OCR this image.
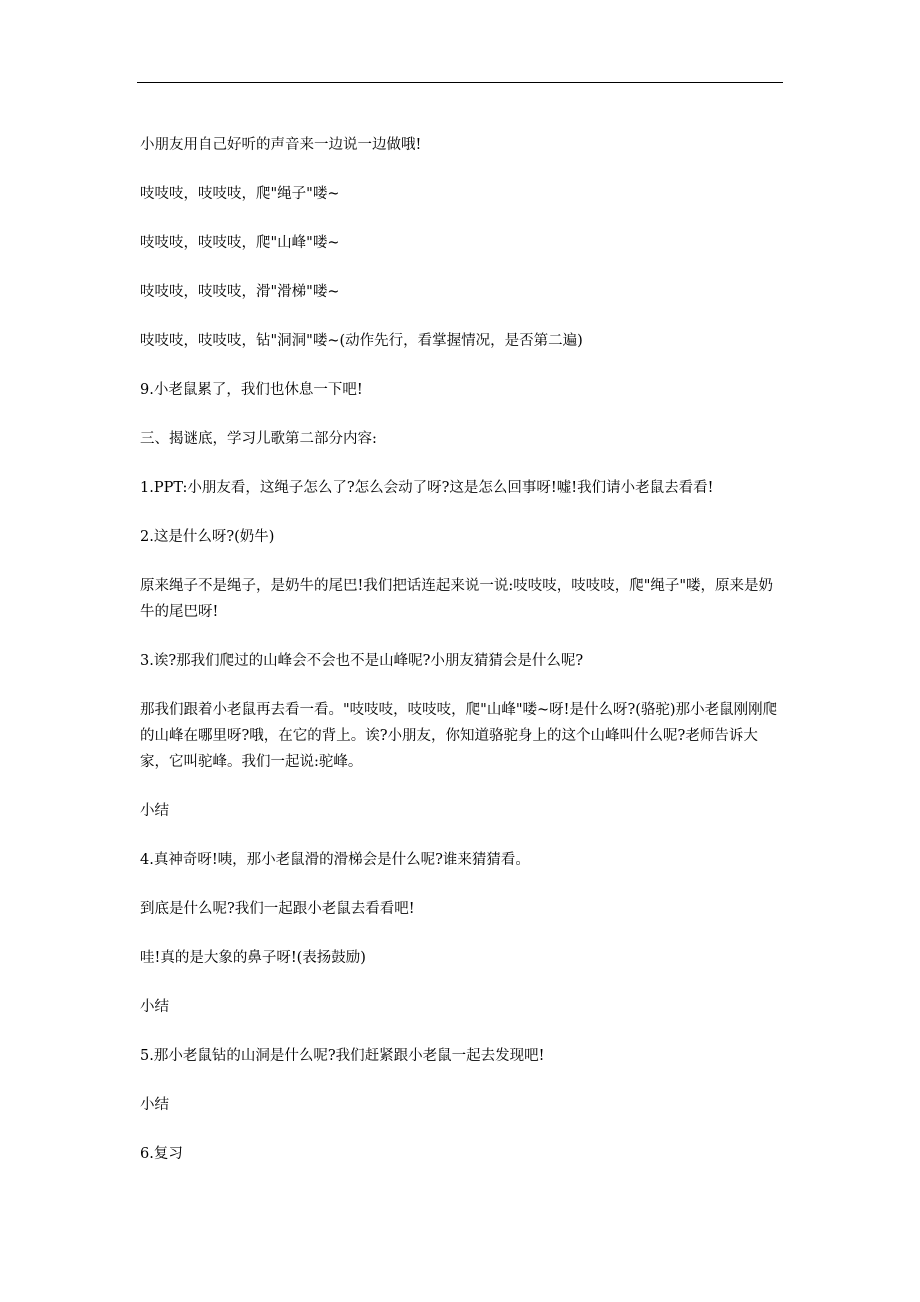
小朋友用自己好听的声音来一边说一边做哦!

吱吱吱，吱吱吱，爬"绳子"喽~

吱吱吱，吱吱吱，爬"山峰"喽~

吱吱吱，吱吱吱，滑"滑梯"喽~

吱吱吱，吱吱吱，钻"洞洞"喽~(动作先行，看掌握情况，是否第二遍)

9.小老鼠累了，我们也休息一下吧!

三、揭谜底，学习儿歌第二部分内容:

1.PPT:小朋友看，这绳子怎么了?怎么会动了呀?这是怎么回事呀!嘘!我们请小老鼠去看看!

2.这是什么呀?(奶牛)

原来绳子不是绳子，是奶牛的尾巴!我们把话连起来说一说:吱吱吱，吱吱吱，爬"绳子"喽，原来是奶牛的尾巴呀!

3.诶?那我们爬过的山峰会不会也不是山峰呢?小朋友猜猜会是什么呢?

那我们跟着小老鼠再去看一看。"吱吱吱，吱吱吱，爬"山峰"喽~呀!是什么呀?(骆驼)那小老鼠刚刚爬的山峰在哪里呀?哦，在它的背上。诶?小朋友，你知道骆驼身上的这个山峰叫什么呢?老师告诉大家，它叫驼峰。我们一起说:驼峰。

小结

4.真神奇呀!咦，那小老鼠滑的滑梯会是什么呢?谁来猜猜看。

到底是什么呢?我们一起跟小老鼠去看看吧!

哇!真的是大象的鼻子呀!(表扬鼓励)

小结

5.那小老鼠钻的山洞是什么呢?我们赶紧跟小老鼠一起去发现吧!

小结

6.复习
